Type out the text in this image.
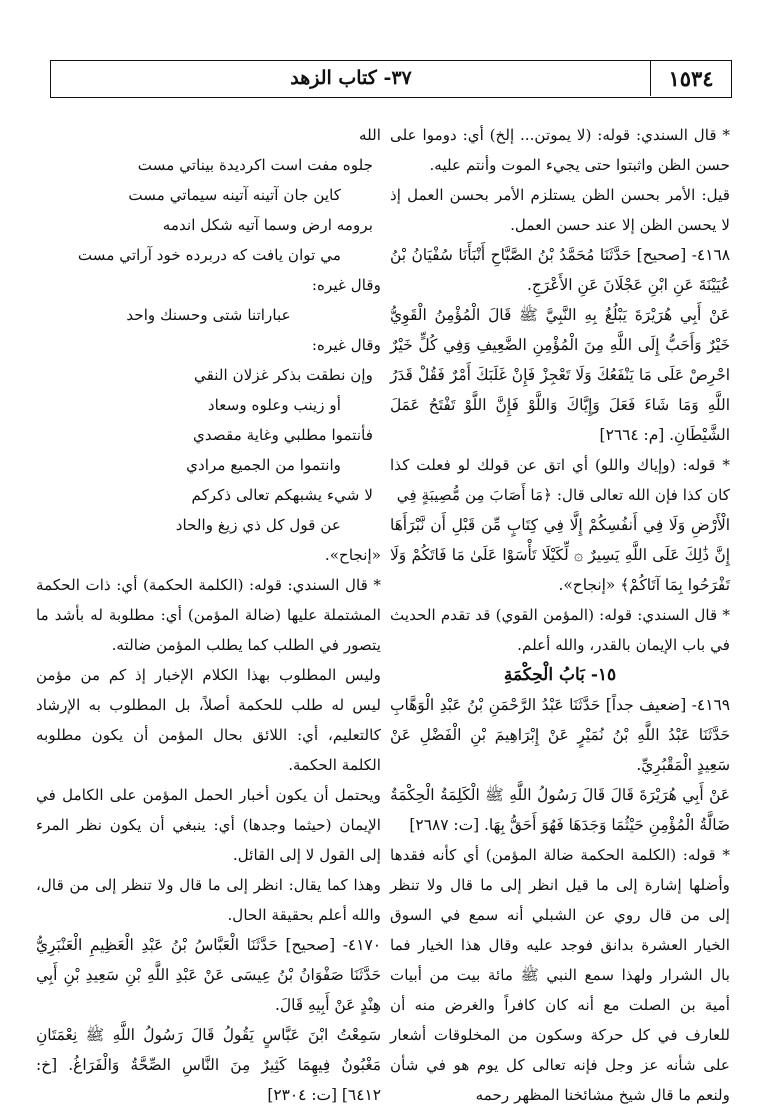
١٥٣٤
٣٧- كتاب الزهد

* قال السندي: قوله: (لا يموتن... إلخ) أي: دوموا على حسن الظن واثبتوا حتى يجيء الموت وأنتم عليه.

قيل: الأمر بحسن الظن يستلزم الأمر بحسن العمل إذ لا يحسن الظن إلا عند حسن العمل.

٤١٦٨- [صحيح] حَدَّثَنَا مُحَمَّدُ بْنُ الصَّبَّاحِ أَنْبَأَنَا سُفْيَانُ بْنُ عُيَيْنَةَ عَنِ ابْنِ عَجْلَانَ عَنِ الأَعْرَجِ.

عَنْ أَبِي هُرَيْرَةَ يَبْلُغُ بِهِ النَّبِيَّ ﷺ قَالَ الْمُؤْمِنُ الْقَوِيُّ خَيْرٌ وَأَحَبُّ إِلَى اللَّهِ مِنَ الْمُؤْمِنِ الضَّعِيفِ وَفِي كُلٍّ خَيْرٌ احْرِصْ عَلَى مَا يَنْفَعُكَ وَلَا تَعْجِزْ فَإِنْ غَلَبَكَ أَمْرٌ فَقُلْ قَدَرُ اللَّهِ وَمَا شَاءَ فَعَلَ وَإِيَّاكَ وَاللَّوْ فَإِنَّ اللَّوْ تَفْتَحُ عَمَلَ الشَّيْطَانِ. [م: ٢٦٦٤]

* قوله: (وإياك واللو) أي اتق عن قولك لو فعلت كذا كان كذا فإن الله تعالى قال: ﴿مَا أَصَابَ مِن مُّصِيبَةٍ فِي

الْأَرْضِ وَلَا فِي أَنفُسِكُمْ إِلَّا فِي كِتَابٍ مِّن قَبْلِ أَن نَّبْرَأَهَا إِنَّ ذَٰلِكَ عَلَى اللَّهِ يَسِيرٌ ۞ لِّكَيْلَا تَأْسَوْا عَلَىٰ مَا فَاتَكُمْ وَلَا تَفْرَحُوا بِمَا آتَاكُمْ﴾ «إنجاح».

* قال السندي: قوله: (المؤمن القوي) قد تقدم الحديث في باب الإيمان بالقدر، والله أعلم.

١٥- بَابُ الْحِكْمَةِ

٤١٦٩- [ضعيف جداً] حَدَّثَنَا عَبْدُ الرَّحْمَنِ بْنُ عَبْدِ الْوَهَّابِ حَدَّثَنَا عَبْدُ اللَّهِ بْنُ نُمَيْرٍ عَنْ إِبْرَاهِيمَ بْنِ الْفَضْلِ عَنْ سَعِيدٍ الْمَقْبُرِيِّ.

عَنْ أَبِي هُرَيْرَةَ قَالَ قَالَ رَسُولُ اللَّهِ ﷺ الْكَلِمَةُ الْحِكْمَةُ ضَالَّةُ الْمُؤْمِنِ حَيْثُمَا وَجَدَهَا فَهُوَ أَحَقُّ بِهَا. [ت: ٢٦٨٧]

* قوله: (الكلمة الحكمة ضالة المؤمن) أي كأنه فقدها وأضلها إشارة إلى ما قيل انظر إلى ما قال ولا تنظر إلى من قال روي عن الشبلي أنه سمع في السوق الخيار العشرة بدانق فوجد عليه وقال هذا الخيار فما بال الشرار ولهذا سمع النبي ﷺ مائة بيت من أبيات أمية بن الصلت مع أنه كان كافراً والغرض منه أن للعارف في كل حركة وسكون من المخلوقات أشعار على شأنه عز وجل فإنه تعالى كل يوم هو في شأن ولنعم ما قال شيخ مشائخنا المظهر رحمه

الله

جلوه مفت است اكرديدة بيناتي مست

كاين جان آتينه آتينه سيماتي مست

برومه ارض وسما آتيه شكل اندمه

مي توان يافت كه دربرده خود آراتي مست

وقال غيره:

عباراتنا شتى وحسنك واحد

وقال غيره:

وإن نطقت بذكر غزلان النقي

أو زينب وعلوه وسعاد

فأنتموا مطلبي وغاية مقصدي

وانتموا من الجميع مرادي

لا شيء يشبهكم تعالى ذكركم

عن قول كل ذي زيغ والحاد

«إنجاح».

* قال السندي: قوله: (الكلمة الحكمة) أي: ذات الحكمة المشتملة عليها (ضالة المؤمن) أي: مطلوبة له بأشد ما يتصور في الطلب كما يطلب المؤمن ضالته.

وليس المطلوب بهذا الكلام الإخبار إذ كم من مؤمن ليس له طلب للحكمة أصلاً، بل المطلوب به الإرشاد كالتعليم، أي: اللائق بحال المؤمن أن يكون مطلوبه الكلمة الحكمة.

ويحتمل أن يكون أخبار الحمل المؤمن على الكامل في الإيمان (حيثما وجدها) أي: ينبغي أن يكون نظر المرء إلى القول لا إلى القائل.

وهذا كما يقال: انظر إلى ما قال ولا تنظر إلى من قال، والله أعلم بحقيقة الحال.

٤١٧٠- [صحيح] حَدَّثَنَا الْعَبَّاسُ بْنُ عَبْدِ الْعَظِيمِ الْعَنْبَرِيُّ حَدَّثَنَا صَفْوَانُ بْنُ عِيسَى عَنْ عَبْدِ اللَّهِ بْنِ سَعِيدِ بْنِ أَبِي هِنْدٍ عَنْ أَبِيهِ قَالَ.

سَمِعْتُ ابْنَ عَبَّاسٍ يَقُولُ قَالَ رَسُولُ اللَّهِ ﷺ نِعْمَتَانِ مَغْبُونٌ فِيهِمَا كَثِيرٌ مِنَ النَّاسِ الصِّحَّةُ وَالْفَرَاغُ. [خ: ٦٤١٢] [ت: ٢٣٠٤]
